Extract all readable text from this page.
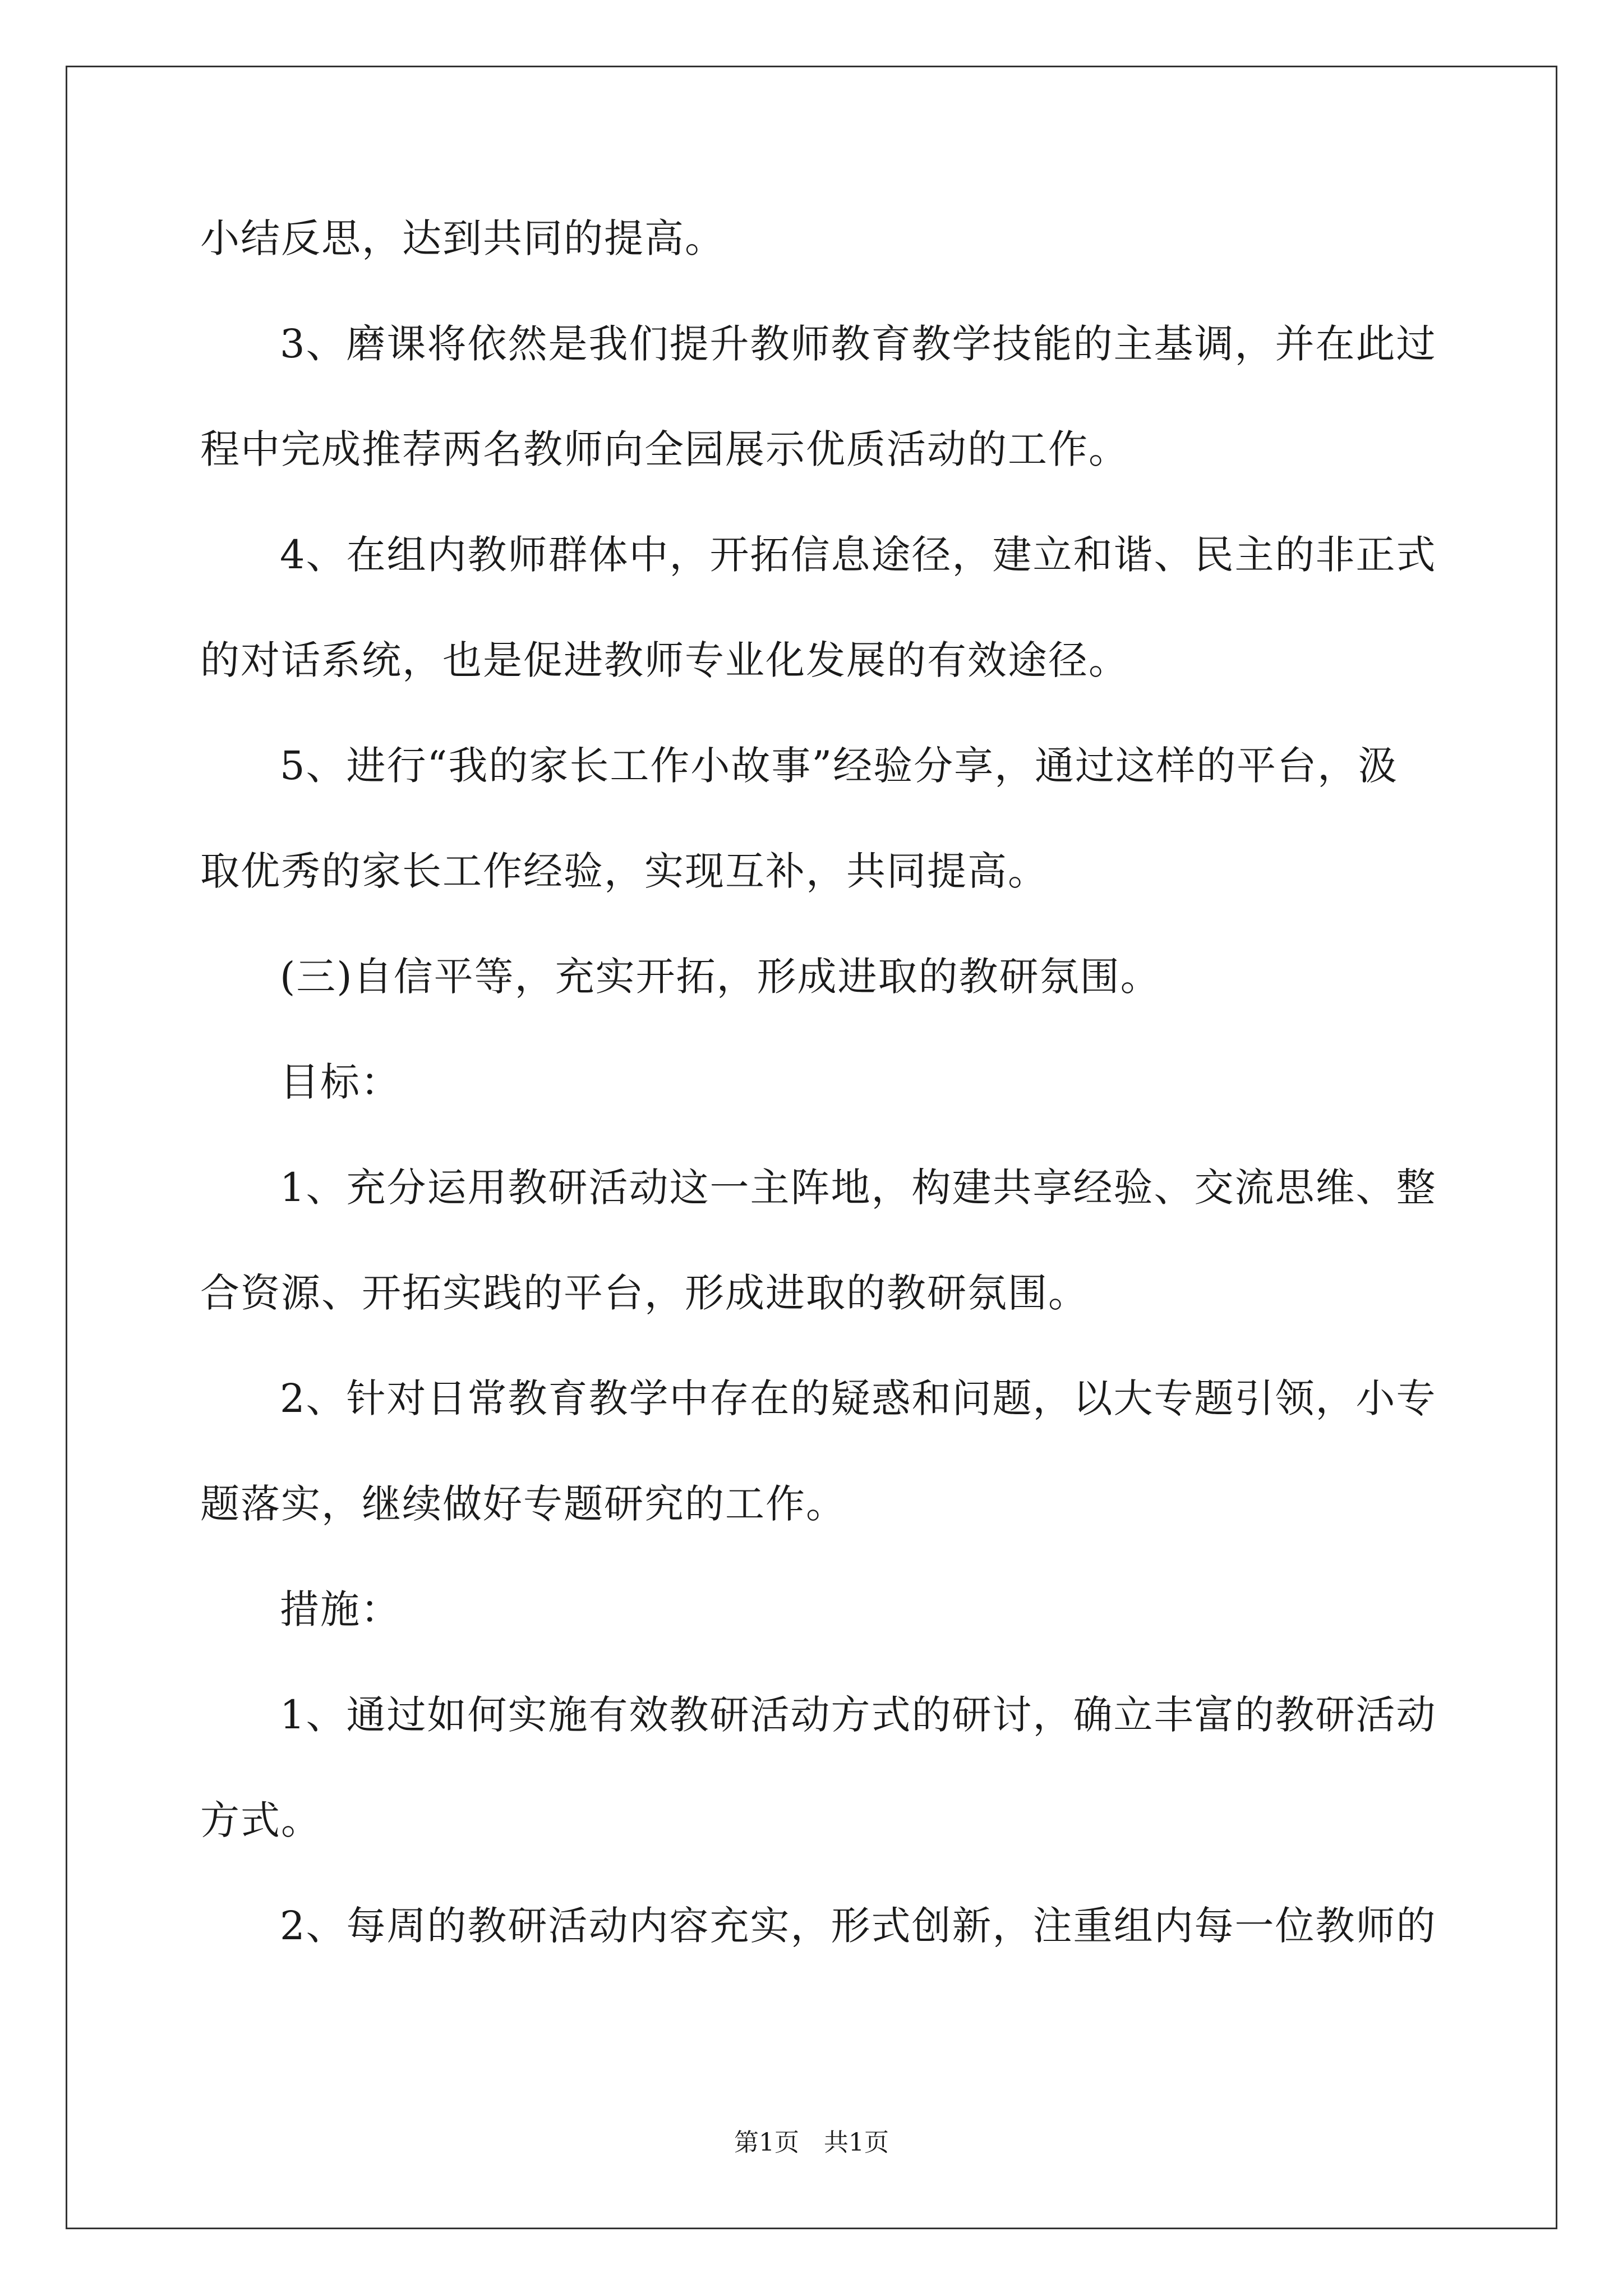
小结反思，达到共同的提高。
3、磨课将依然是我们提升教师教育教学技能的主基调，并在此过
程中完成推荐两名教师向全园展示优质活动的工作。
4、在组内教师群体中，开拓信息途径，建立和谐、民主的非正式
的对话系统，也是促进教师专业化发展的有效途径。
5、进行“我的家长工作小故事”经验分享，通过这样的平台，汲
取优秀的家长工作经验，实现互补，共同提高。
(三)自信平等，充实开拓，形成进取的教研氛围。
目标：
1、充分运用教研活动这一主阵地，构建共享经验、交流思维、整
合资源、开拓实践的平台，形成进取的教研氛围。
2、针对日常教育教学中存在的疑惑和问题，以大专题引领，小专
题落实，继续做好专题研究的工作。
措施：
1、通过如何实施有效教研活动方式的研讨，确立丰富的教研活动
方式。
2、每周的教研活动内容充实，形式创新，注重组内每一位教师的
第1页　共1页
